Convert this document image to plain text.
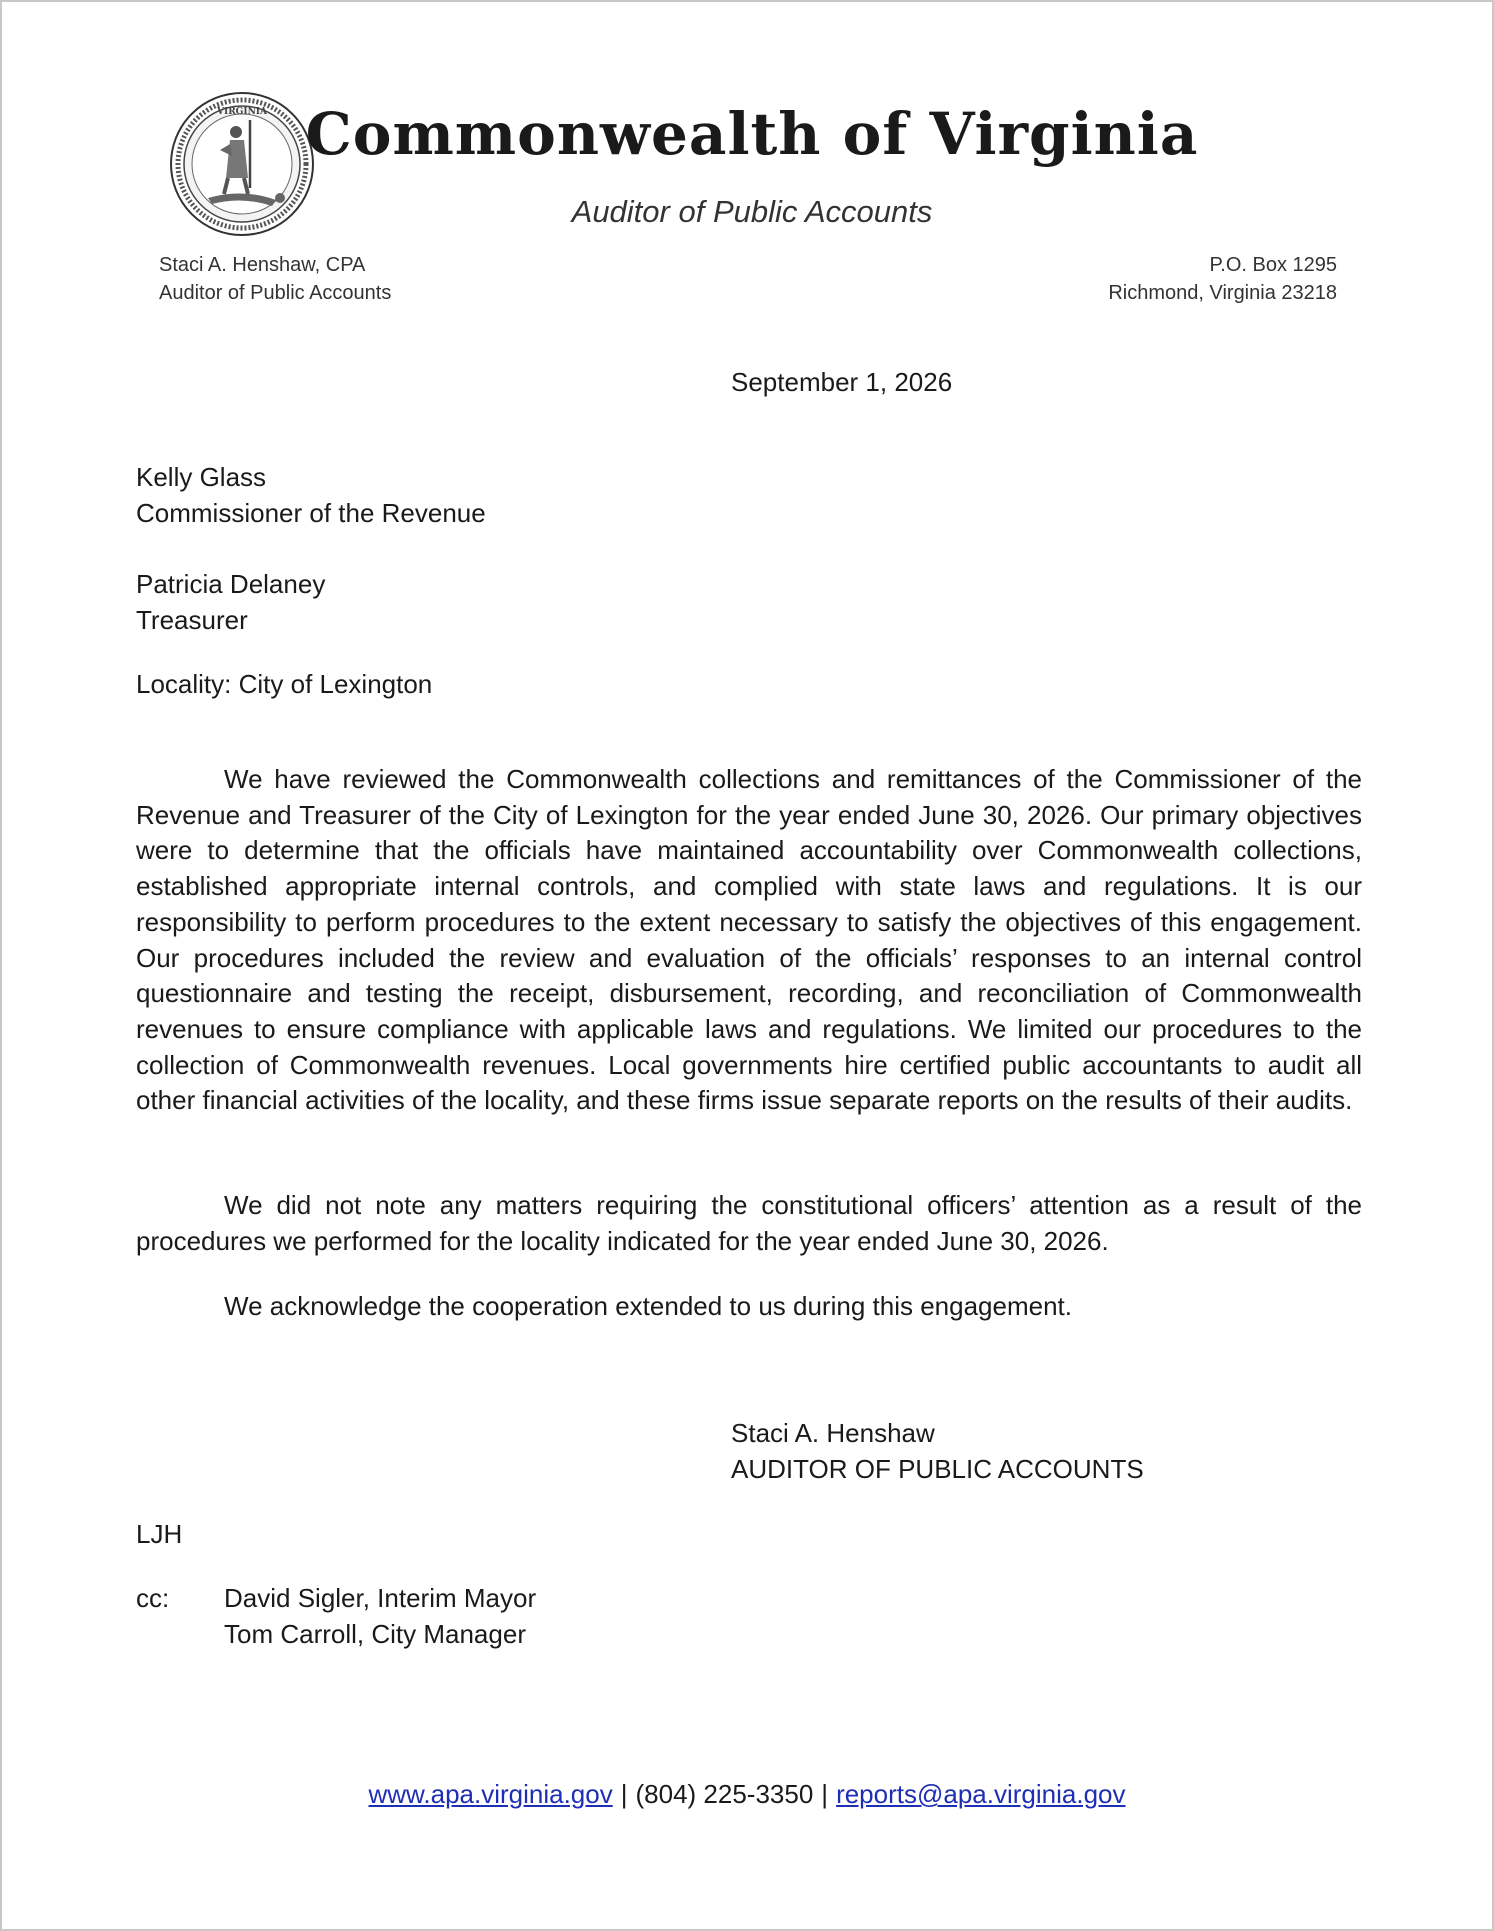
VIRGINIA Commonwealth of Virginia
Auditor of Public Accounts
Staci A. Henshaw, CPA
Auditor of Public Accounts
P.O. Box 1295
Richmond, Virginia 23218
September 1, 2026
Kelly Glass
Commissioner of the Revenue
Patricia Delaney
Treasurer
Locality: City of Lexington
We have reviewed the Commonwealth collections and remittances of the Commissioner of the Revenue and Treasurer of the City of Lexington for the year ended June 30, 2026. Our primary objectives were to determine that the officials have maintained accountability over Commonwealth collections, established appropriate internal controls, and complied with state laws and regulations. It is our responsibility to perform procedures to the extent necessary to satisfy the objectives of this engagement. Our procedures included the review and evaluation of the officials’ responses to an internal control questionnaire and testing the receipt, disbursement, recording, and reconciliation of Commonwealth revenues to ensure compliance with applicable laws and regulations. We limited our procedures to the collection of Commonwealth revenues. Local governments hire certified public accountants to audit all other financial activities of the locality, and these firms issue separate reports on the results of their audits.
We did not note any matters requiring the constitutional officers’ attention as a result of the procedures we performed for the locality indicated for the year ended June 30, 2026.
We acknowledge the cooperation extended to us during this engagement.
Staci A. Henshaw
AUDITOR OF PUBLIC ACCOUNTS
LJH
cc: David Sigler, Interim Mayor
Tom Carroll, City Manager
www.apa.virginia.gov | (804) 225-3350 | reports@apa.virginia.gov
